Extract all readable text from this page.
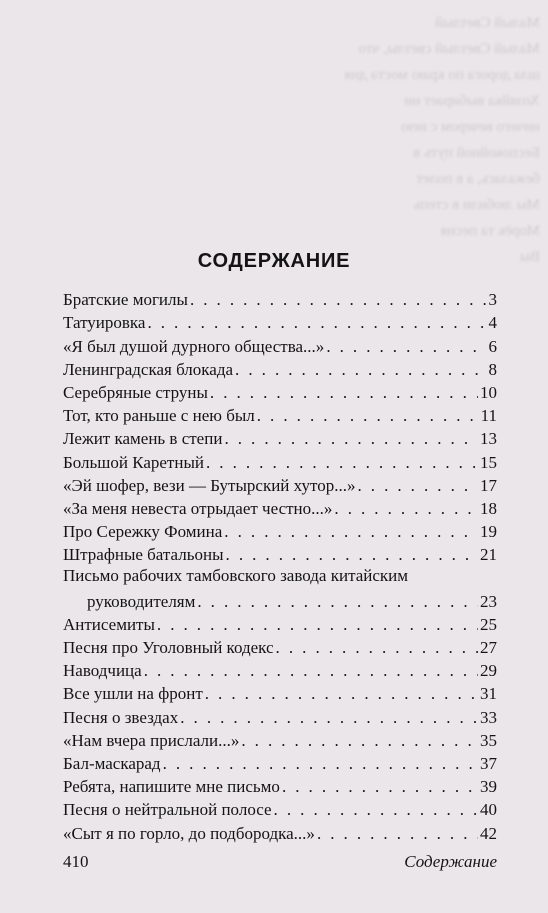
Малый Светлый
Малый Светлый светлы, что
шла дорога по краю моста дня
Хозяйка выбирает ни
ничего вечером с нею
Беспокойной путь в
бежалась, а в полет
Мы любили в степь
Морёк та песня
Вы
СОДЕРЖАНИЕ
Братские могилы . . .	3
Татуировка . . .	4
«Я был душой дурного общества...» . . .	6
Ленинградская блокада . . .	8
Серебряные струны . . .	10
Тот, кто раньше с нею был . . .	11
Лежит камень в степи . . .	13
Большой Каретный . . .	15
«Эй шофер, вези — Бутырский хутор...» . . .	17
«За меня невеста отрыдает честно...» . . .	18
Про Сережку Фомина . . .	19
Штрафные батальоны . . .	21
Письмо рабочих тамбовского завода китайским
руководителям . . .	23
Антисемиты . . .	25
Песня про Уголовный кодекс . . .	27
Наводчица . . .	29
Все ушли на фронт . . .	31
Песня о звездах . . .	33
«Нам вчера прислали...» . . .	35
Бал-маскарад . . .	37
Ребята, напишите мне письмо . . .	39
Песня о нейтральной полосе . . .	40
«Сыт я по горло, до подбородка...» . . .	42
410	Содержание
